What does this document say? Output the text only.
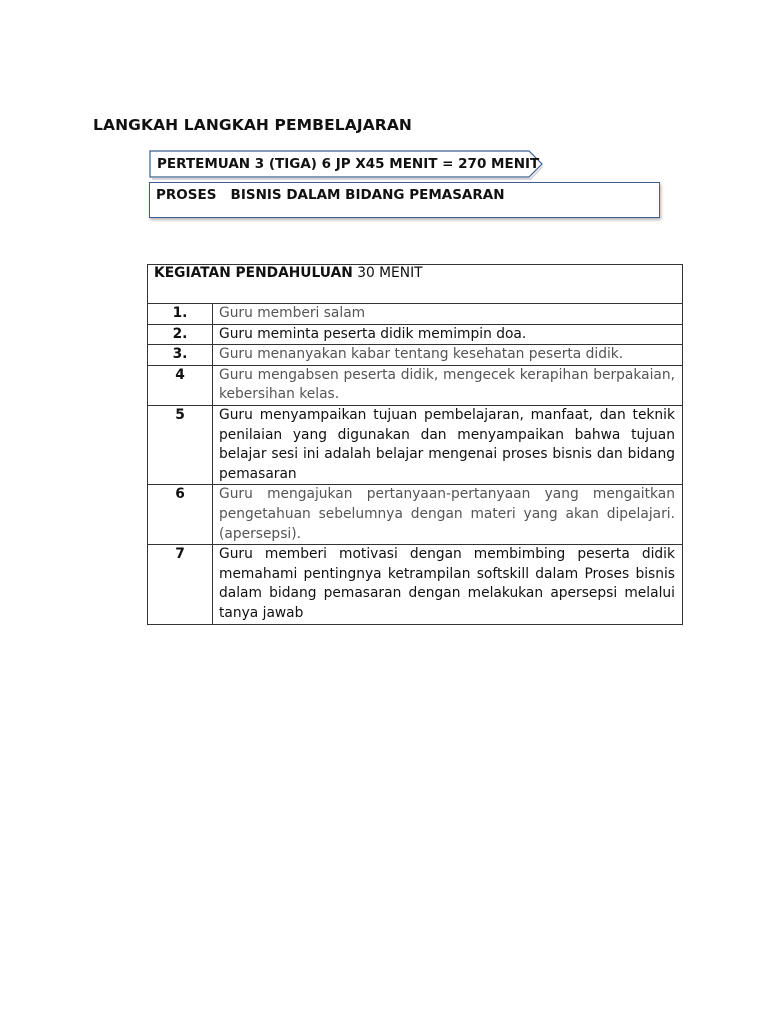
LANGKAH LANGKAH PEMBELAJARAN
PERTEMUAN 3 (TIGA) 6 JP X45 MENIT = 270 MENIT
PROSES   BISNIS DALAM BIDANG PEMASARAN
KEGIATAN PENDAHULUAN 30 MENIT	
1.	Guru memberi salam
2.	Guru meminta peserta didik memimpin doa.
3.	Guru menanyakan kabar tentang kesehatan peserta didik.
4	Guru mengabsen peserta didik, mengecek kerapihan berpakaian, kebersihan kelas.
5	Guru menyampaikan tujuan pembelajaran, manfaat, dan teknik penilaian yang digunakan dan menyampaikan bahwa tujuan belajar sesi ini adalah belajar mengenai proses bisnis dan bidang pemasaran
6	Guru mengajukan pertanyaan-pertanyaan yang mengaitkan pengetahuan sebelumnya dengan materi yang akan dipelajari. (apersepsi).
7	Guru memberi motivasi dengan membimbing peserta didik memahami pentingnya ketrampilan softskill dalam Proses bisnis dalam bidang pemasaran dengan melakukan apersepsi melalui tanya jawab
